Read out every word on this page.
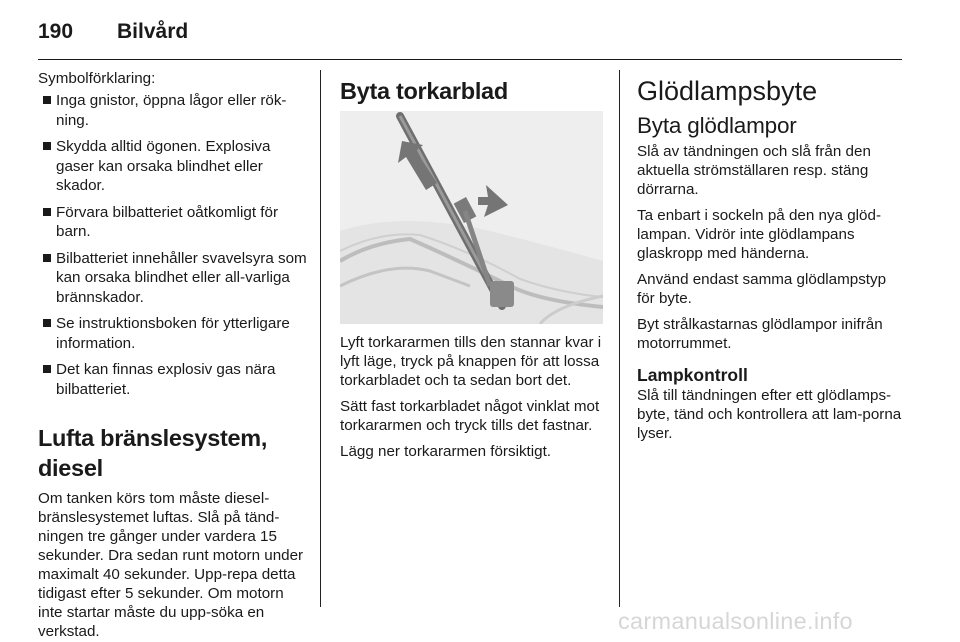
190 Bilvård

Symbolförklaring:

Inga gnistor, öppna lågor eller rök-ning.
Skydda alltid ögonen. Explosiva gaser kan orsaka blindhet eller skador.
Förvara bilbatteriet oåtkomligt för barn.
Bilbatteriet innehåller svavelsyra som kan orsaka blindhet eller all-varliga brännskador.
Se instruktionsboken för ytterligare information.
Det kan finnas explosiv gas nära bilbatteriet.
Lufta bränslesystem, diesel

Om tanken körs tom måste diesel-bränslesystemet luftas. Slå på tänd-ningen tre gånger under vardera 15 sekunder. Dra sedan runt motorn under maximalt 40 sekunder. Upp-repa detta tidigast efter 5 sekunder. Om motorn inte startar måste du upp-söka en verkstad.

Byta torkarblad

Lyft torkararmen tills den stannar kvar i lyft läge, tryck på knappen för att lossa torkarbladet och ta sedan bort det.

Sätt fast torkarbladet något vinklat mot torkararmen och tryck tills det fastnar.

Lägg ner torkararmen försiktigt.

Glödlampsbyte
Byta glödlampor

Slå av tändningen och slå från den aktuella strömställaren resp. stäng dörrarna.

Ta enbart i sockeln på den nya glöd-lampan. Vidrör inte glödlampans glaskropp med händerna.

Använd endast samma glödlampstyp för byte.

Byt strålkastarnas glödlampor inifrån motorrummet.

Lampkontroll

Slå till tändningen efter ett glödlamps-byte, tänd och kontrollera att lam-porna lyser.

carmanualsonline.info
